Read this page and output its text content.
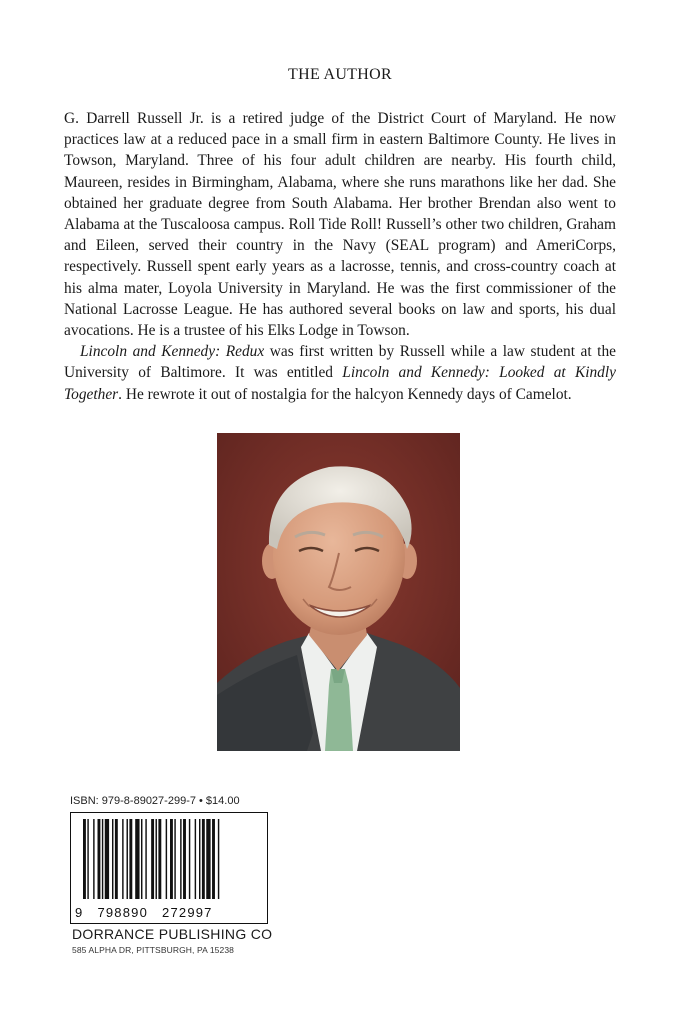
THE AUTHOR

G. Darrell Russell Jr. is a retired judge of the District Court of Maryland. He now practices law at a reduced pace in a small firm in eastern Baltimore County. He lives in Towson, Maryland. Three of his four adult children are nearby. His fourth child, Maureen, resides in Birmingham, Alabama, where she runs marathons like her dad. She obtained her graduate degree from South Alabama. Her brother Brendan also went to Alabama at the Tuscaloosa campus. Roll Tide Roll! Russell’s other two children, Graham and Eileen, served their country in the Navy (SEAL program) and AmeriCorps, respectively. Russell spent early years as a lacrosse, tennis, and cross-country coach at his alma mater, Loyola University in Maryland. He was the first commissioner of the National Lacrosse League. He has authored several books on law and sports, his dual avocations. He is a trustee of his Elks Lodge in Towson.

Lincoln and Kennedy: Redux was first written by Russell while a law student at the University of Baltimore. It was entitled Lincoln and Kennedy: Looked at Kindly Together. He rewrote it out of nostalgia for the halcyon Kennedy days of Camelot.

ISBN: 979-8-89027-299-7 • $14.00
9 798890 272997
DORRANCE PUBLISHING CO
585 ALPHA DR, PITTSBURGH, PA 15238
